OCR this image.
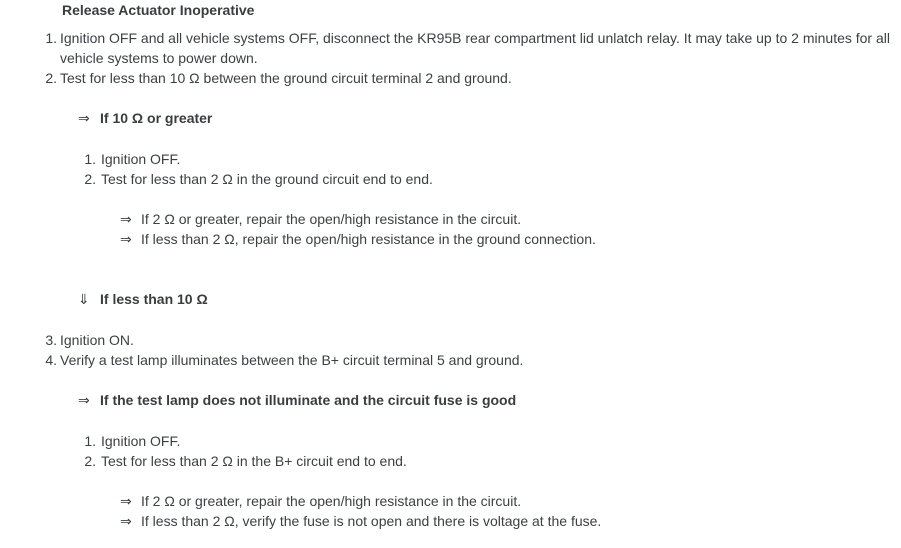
Release Actuator Inoperative
1. Ignition OFF and all vehicle systems OFF, disconnect the KR95B rear compartment lid unlatch relay. It may take up to 2 minutes for all vehicle systems to power down.
2. Test for less than 10 Ω between the ground circuit terminal 2 and ground.
⇒ If 10 Ω or greater
1. Ignition OFF.
2. Test for less than 2 Ω in the ground circuit end to end.
⇒ If 2 Ω or greater, repair the open/high resistance in the circuit.
⇒ If less than 2 Ω, repair the open/high resistance in the ground connection.
⇓ If less than 10 Ω
3. Ignition ON.
4. Verify a test lamp illuminates between the B+ circuit terminal 5 and ground.
⇒ If the test lamp does not illuminate and the circuit fuse is good
1. Ignition OFF.
2. Test for less than 2 Ω in the B+ circuit end to end.
⇒ If 2 Ω or greater, repair the open/high resistance in the circuit.
⇒ If less than 2 Ω, verify the fuse is not open and there is voltage at the fuse.
